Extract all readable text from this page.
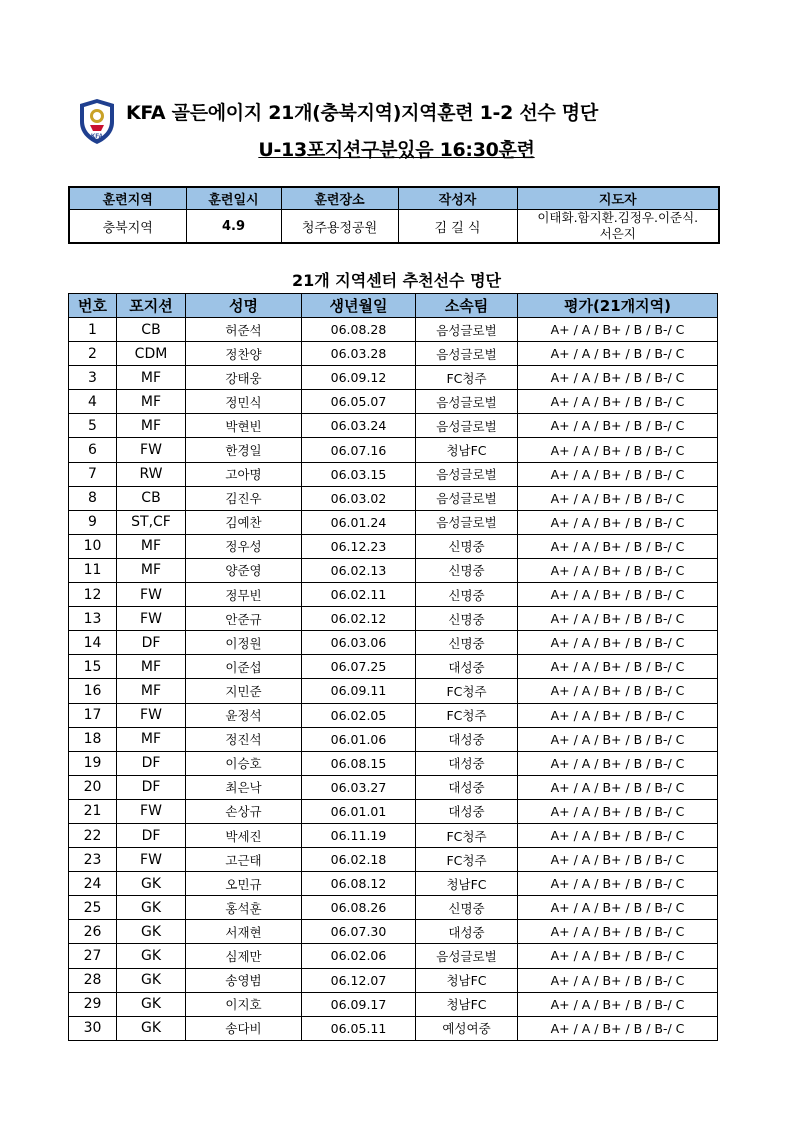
KFA
KFA 골든에이지 21개(충북지역)지역훈련 1-2 선수 명단
U-13포지션구분있음 16:30훈련
훈련지역	훈련일시	훈련장소	작성자	지도자
충북지역	4.9	청주용정공원	김 길 식	이태화.함지환.김정우.이준식.
서은지
21개 지역센터 추천선수 명단
번호	포지션	성명	생년월일	소속팀	평가(21개지역)
1	CB	허준석	06.08.28	음성글로벌	A+ / A / B+ / B / B-/ C
2	CDM	정찬양	06.03.28	음성글로벌	A+ / A / B+ / B / B-/ C
3	MF	강태웅	06.09.12	FC청주	A+ / A / B+ / B / B-/ C
4	MF	정민식	06.05.07	음성글로벌	A+ / A / B+ / B / B-/ C
5	MF	박현빈	06.03.24	음성글로벌	A+ / A / B+ / B / B-/ C
6	FW	한경일	06.07.16	청남FC	A+ / A / B+ / B / B-/ C
7	RW	고아명	06.03.15	음성글로벌	A+ / A / B+ / B / B-/ C
8	CB	김진우	06.03.02	음성글로벌	A+ / A / B+ / B / B-/ C
9	ST,CF	김예찬	06.01.24	음성글로벌	A+ / A / B+ / B / B-/ C
10	MF	정우성	06.12.23	신명중	A+ / A / B+ / B / B-/ C
11	MF	양준영	06.02.13	신명중	A+ / A / B+ / B / B-/ C
12	FW	정무빈	06.02.11	신명중	A+ / A / B+ / B / B-/ C
13	FW	안준규	06.02.12	신명중	A+ / A / B+ / B / B-/ C
14	DF	이정원	06.03.06	신명중	A+ / A / B+ / B / B-/ C
15	MF	이준섭	06.07.25	대성중	A+ / A / B+ / B / B-/ C
16	MF	지민준	06.09.11	FC청주	A+ / A / B+ / B / B-/ C
17	FW	윤정석	06.02.05	FC청주	A+ / A / B+ / B / B-/ C
18	MF	정진석	06.01.06	대성중	A+ / A / B+ / B / B-/ C
19	DF	이승호	06.08.15	대성중	A+ / A / B+ / B / B-/ C
20	DF	최은낙	06.03.27	대성중	A+ / A / B+ / B / B-/ C
21	FW	손상규	06.01.01	대성중	A+ / A / B+ / B / B-/ C
22	DF	박세진	06.11.19	FC청주	A+ / A / B+ / B / B-/ C
23	FW	고근태	06.02.18	FC청주	A+ / A / B+ / B / B-/ C
24	GK	오민규	06.08.12	청남FC	A+ / A / B+ / B / B-/ C
25	GK	홍석훈	06.08.26	신명중	A+ / A / B+ / B / B-/ C
26	GK	서재현	06.07.30	대성중	A+ / A / B+ / B / B-/ C
27	GK	심제만	06.02.06	음성글로벌	A+ / A / B+ / B / B-/ C
28	GK	송영범	06.12.07	청남FC	A+ / A / B+ / B / B-/ C
29	GK	이지호	06.09.17	청남FC	A+ / A / B+ / B / B-/ C
30	GK	송다비	06.05.11	예성여중	A+ / A / B+ / B / B-/ C
